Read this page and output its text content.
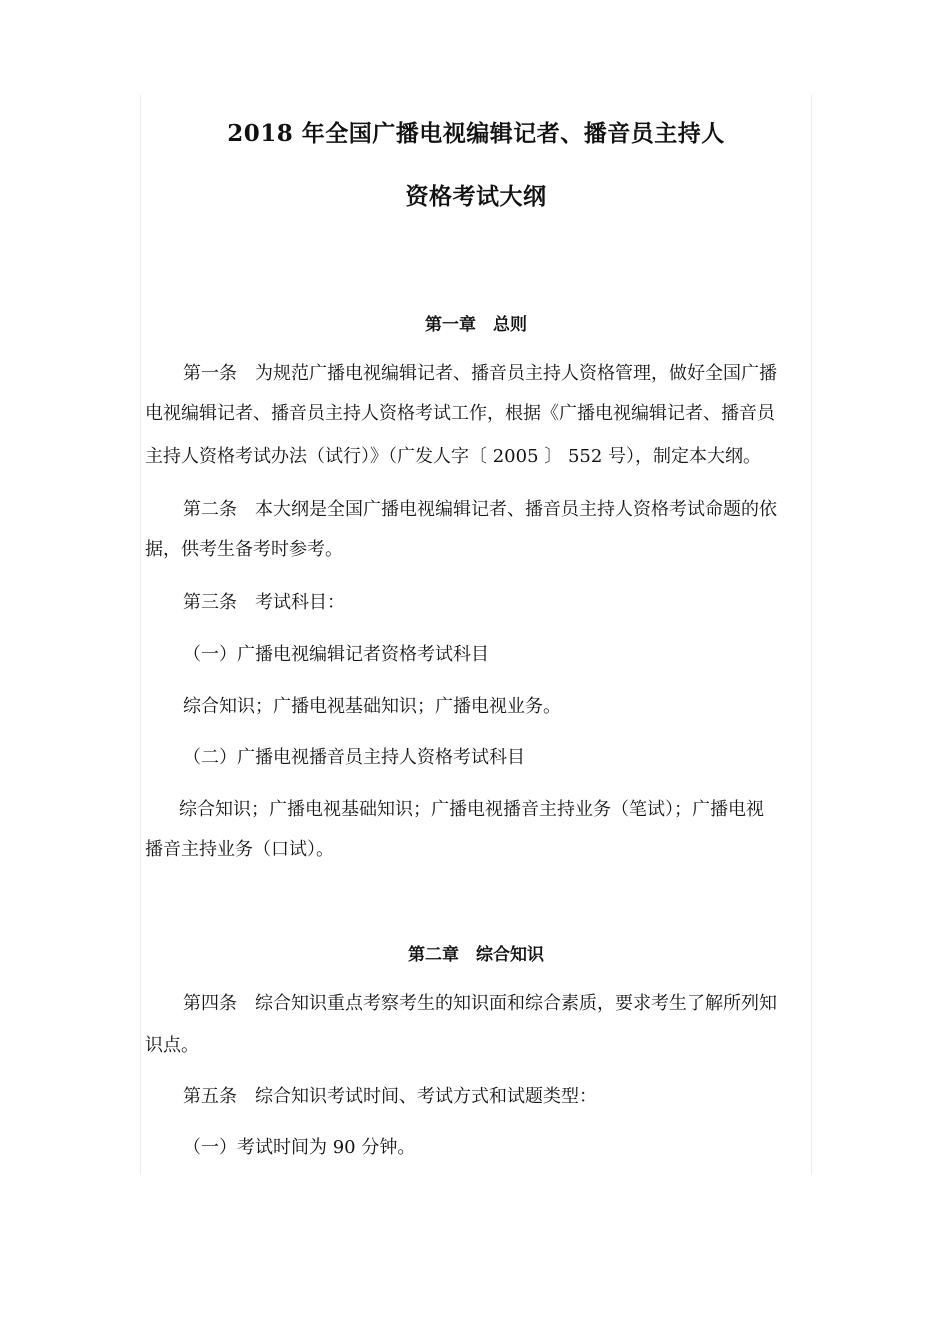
2018 年全国广播电视编辑记者、播音员主持人
资格考试大纲
第一章　总则
第一条　为规范广播电视编辑记者、播音员主持人资格管理，做好全国广播
电视编辑记者、播音员主持人资格考试工作，根据《广播电视编辑记者、播音员
主持人资格考试办法（试行）》（广发人字〔 2005 〕 552 号），制定本大纲。
第二条　本大纲是全国广播电视编辑记者、播音员主持人资格考试命题的依
据，供考生备考时参考。
第三条　考试科目：
（一）广播电视编辑记者资格考试科目
综合知识；广播电视基础知识；广播电视业务。
（二）广播电视播音员主持人资格考试科目
综合知识；广播电视基础知识；广播电视播音主持业务（笔试）；广播电视
播音主持业务（口试）。
第二章　综合知识
第四条　综合知识重点考察考生的知识面和综合素质，要求考生了解所列知
识点。
第五条　综合知识考试时间、考试方式和试题类型：
（一）考试时间为 90 分钟。
